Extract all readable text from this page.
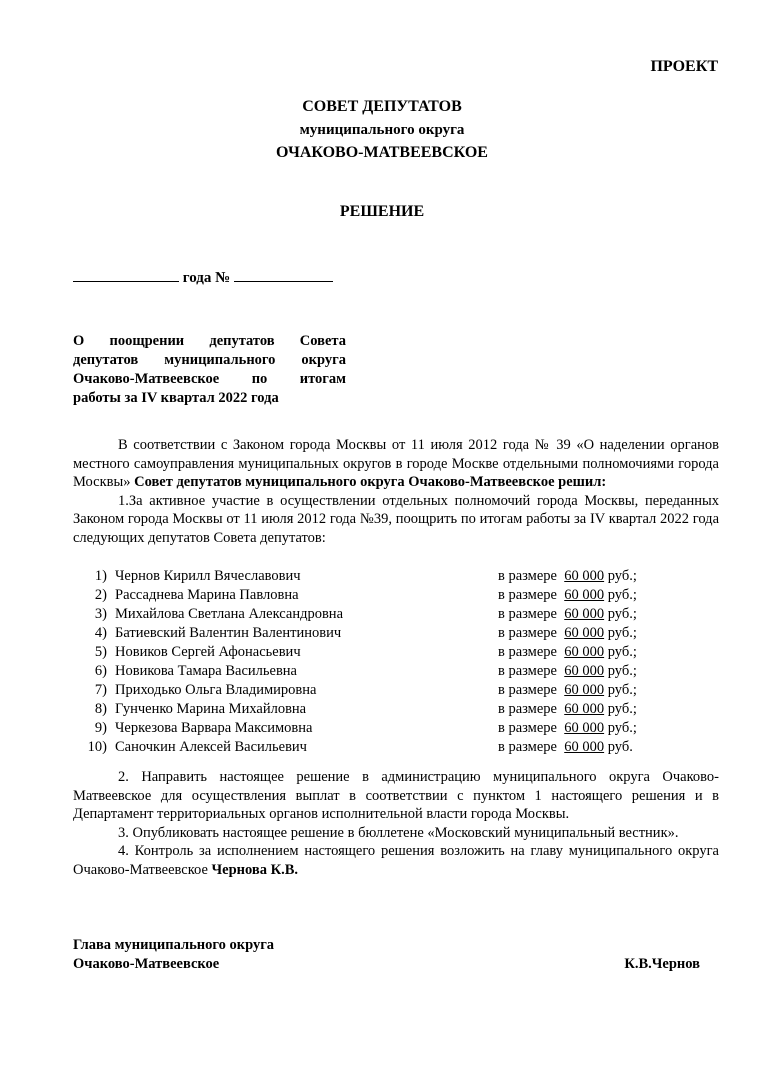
ПРОЕКТ
СОВЕТ ДЕПУТАТОВ
муниципального округа
ОЧАКОВО-МАТВЕЕВСКОЕ
РЕШЕНИЕ
года №
О поощрении депутатов Совета
депутатов муниципального округа
Очаково-Матвеевское по итогам
работы за IV квартал 2022 года
В соответствии с Законом города Москвы от 11 июля 2012 года № 39 «О наделении органов местного самоуправления муниципальных округов в городе Москве отдельными полномочиями города Москвы» Совет депутатов муниципального округа Очаково-Матвеевское решил:
1.За активное участие в осуществлении отдельных полномочий города Москвы, переданных Законом города Москвы от 11 июля 2012 года №39, поощрить по итогам работы за IV квартал 2022 года следующих депутатов Совета депутатов:
1) Чернов Кирилл Вячеславович	в размере 60 000 руб.;
2) Рассаднева Марина Павловна	в размере 60 000 руб.;
3) Михайлова Светлана Александровна	в размере 60 000 руб.;
4) Батиевский Валентин Валентинович	в размере 60 000 руб.;
5) Новиков Сергей Афонасьевич	в размере 60 000 руб.;
6) Новикова Тамара Васильевна	в размере 60 000 руб.;
7) Приходько Ольга Владимировна	в размере 60 000 руб.;
8) Гунченко Марина Михайловна	в размере 60 000 руб.;
9) Черкезова Варвара Максимовна	в размере 60 000 руб.;
10) Саночкин Алексей Васильевич	в размере 60 000 руб.
2. Направить настоящее решение в администрацию муниципального округа Очаково-Матвеевское для осуществления выплат в соответствии с пунктом 1 настоящего решения и в Департамент территориальных органов исполнительной власти города Москвы.
3. Опубликовать настоящее решение в бюллетене «Московский муниципальный вестник».
4. Контроль за исполнением настоящего решения возложить на главу муниципального округа Очаково-Матвеевское Чернова К.В.
Глава муниципального округа
Очаково-Матвеевское	К.В.Чернов
